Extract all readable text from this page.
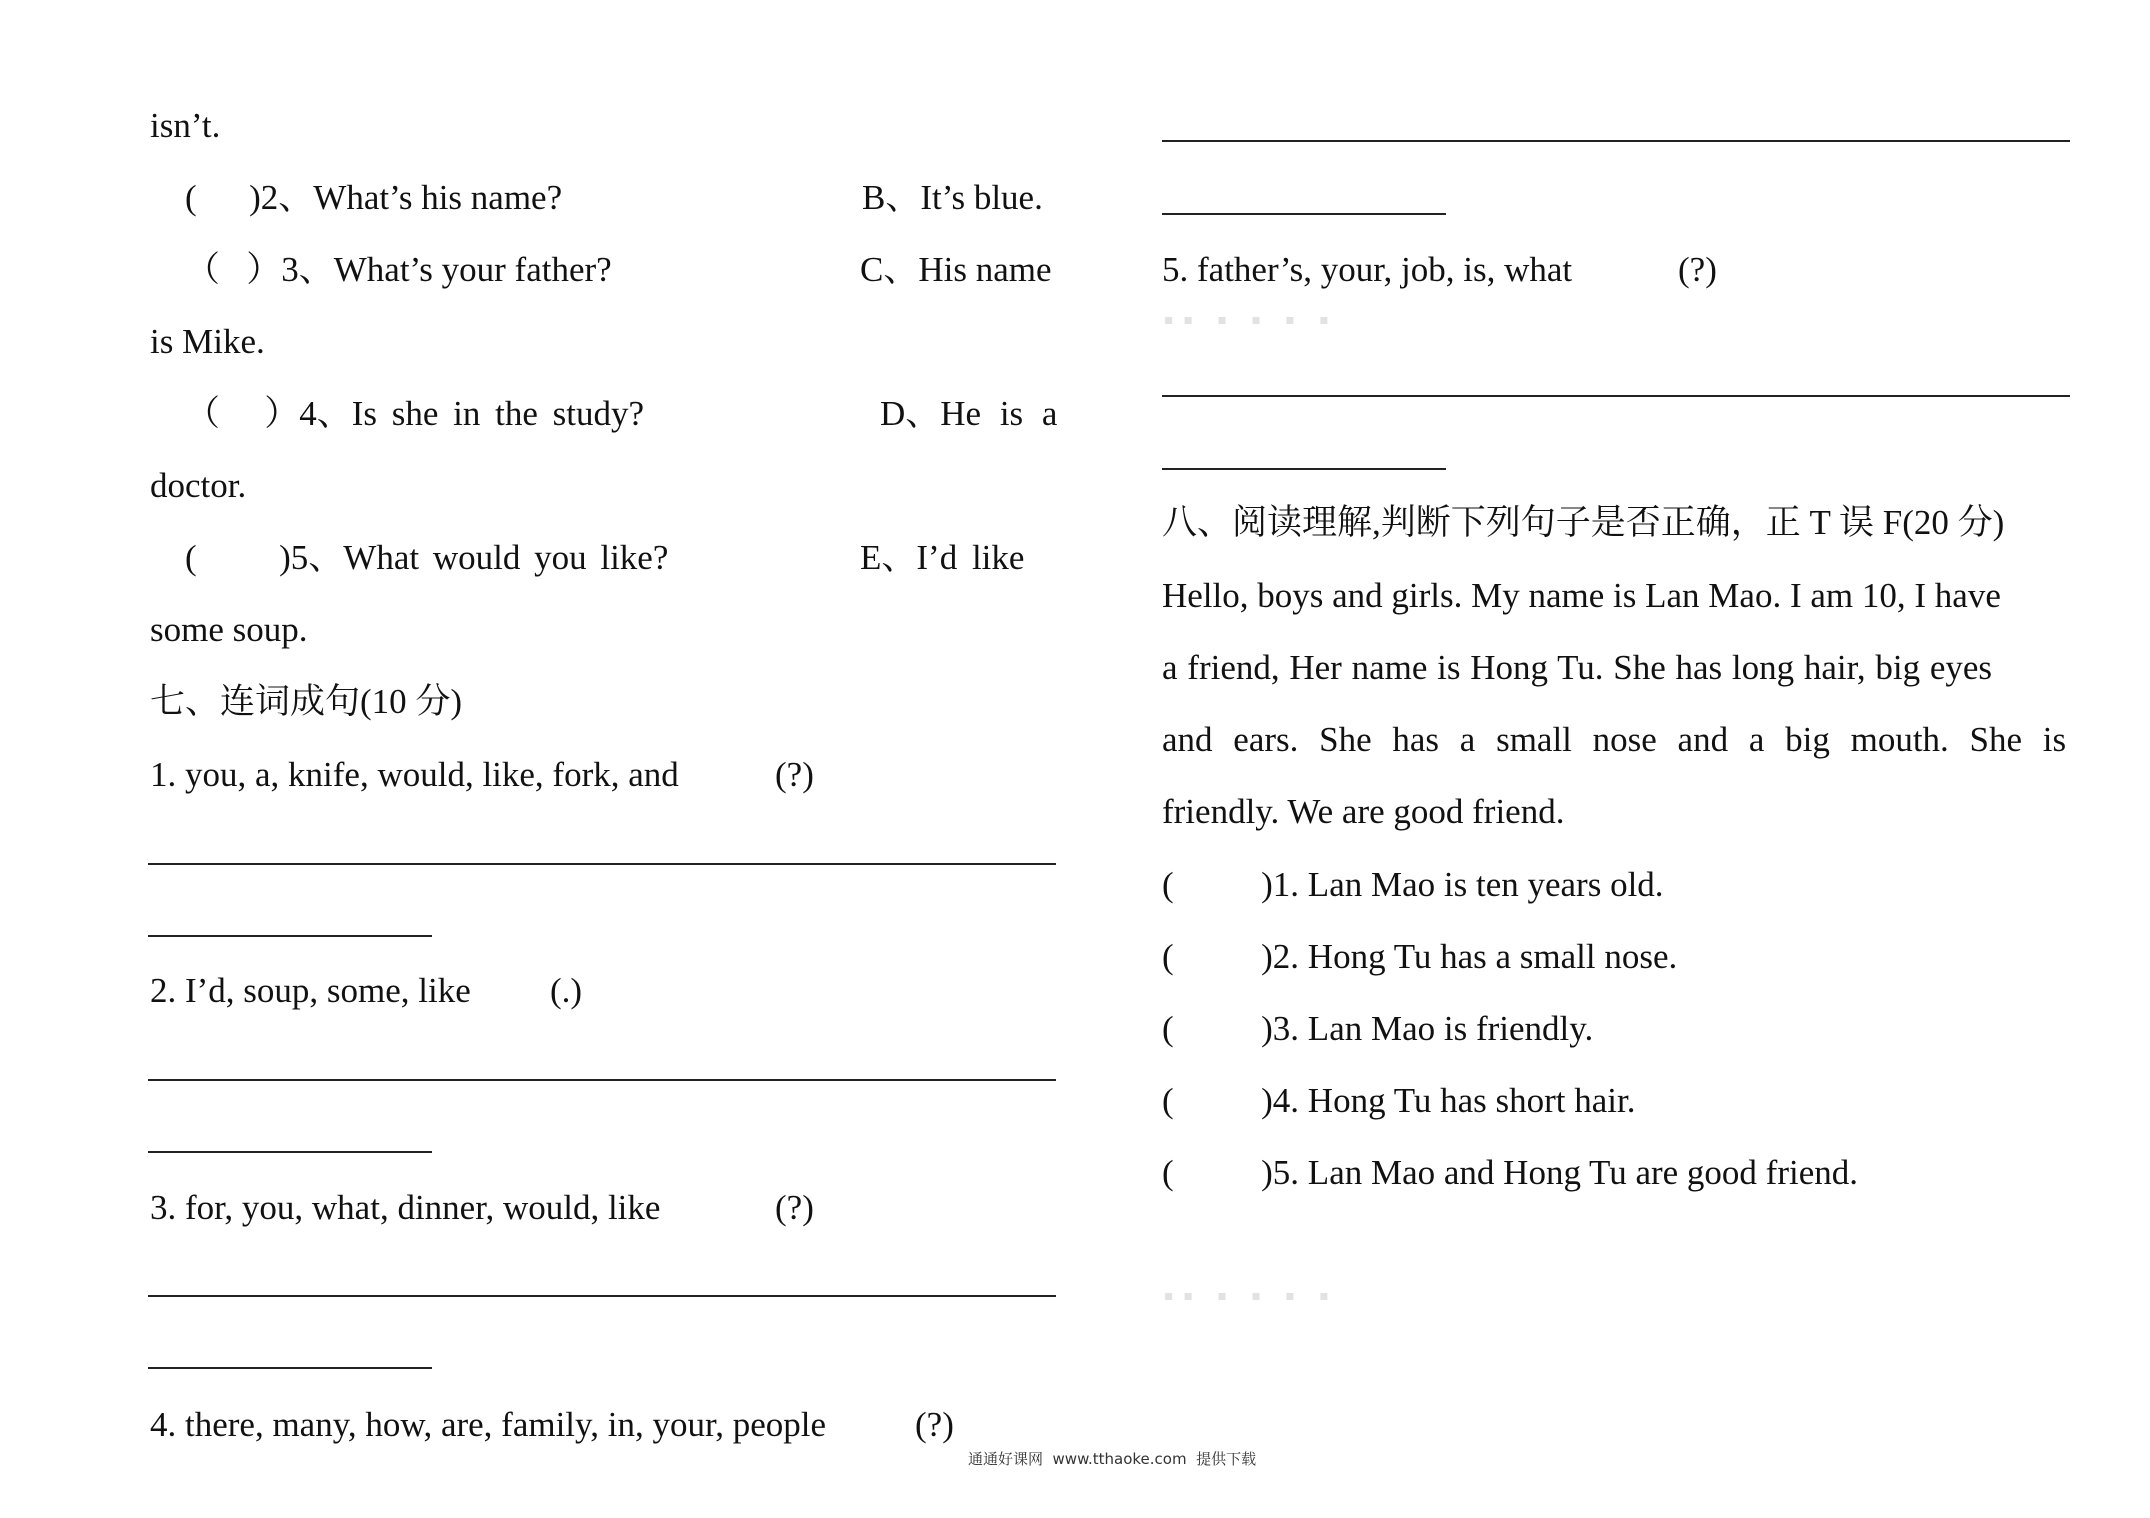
isn’t.
(      )2、What’s his name?	B、It’s blue.
（   ）3、What’s your father?	C、His name
is Mike.
（   ）4、Is she in the study?	D、He is a
doctor.
(      )5、What would you like?	E、I’d like
some soup.
七、连词成句(10 分)
1. you, a, knife, would, like, fork, and	(?)
2. I’d, soup, some, like (.)
3. for, you, what, dinner, would, like	(?)
4. there, many, how, are, family, in, your, people	(?)
5. father’s, your, job, is, what	(?)
▪▪ ▪ ▪ ▪ ▪
八、阅读理解,判断下列句子是否正确，正 T 误 F(20 分)
Hello, boys and girls. My name is Lan Mao. I am 10, I have
a friend, Her name is Hong Tu. She has long hair, big eyes
and ears. She has a small nose and a big mouth. She is
friendly. We are good friend.
(          )1. Lan Mao is ten years old.
(          )2. Hong Tu has a small nose.
(          )3. Lan Mao is friendly.
(          )4. Hong Tu has short hair.
(          )5. Lan Mao and Hong Tu are good friend.
▪▪ ▪ ▪ ▪ ▪
通通好课网  www.tthaoke.com  提供下载
